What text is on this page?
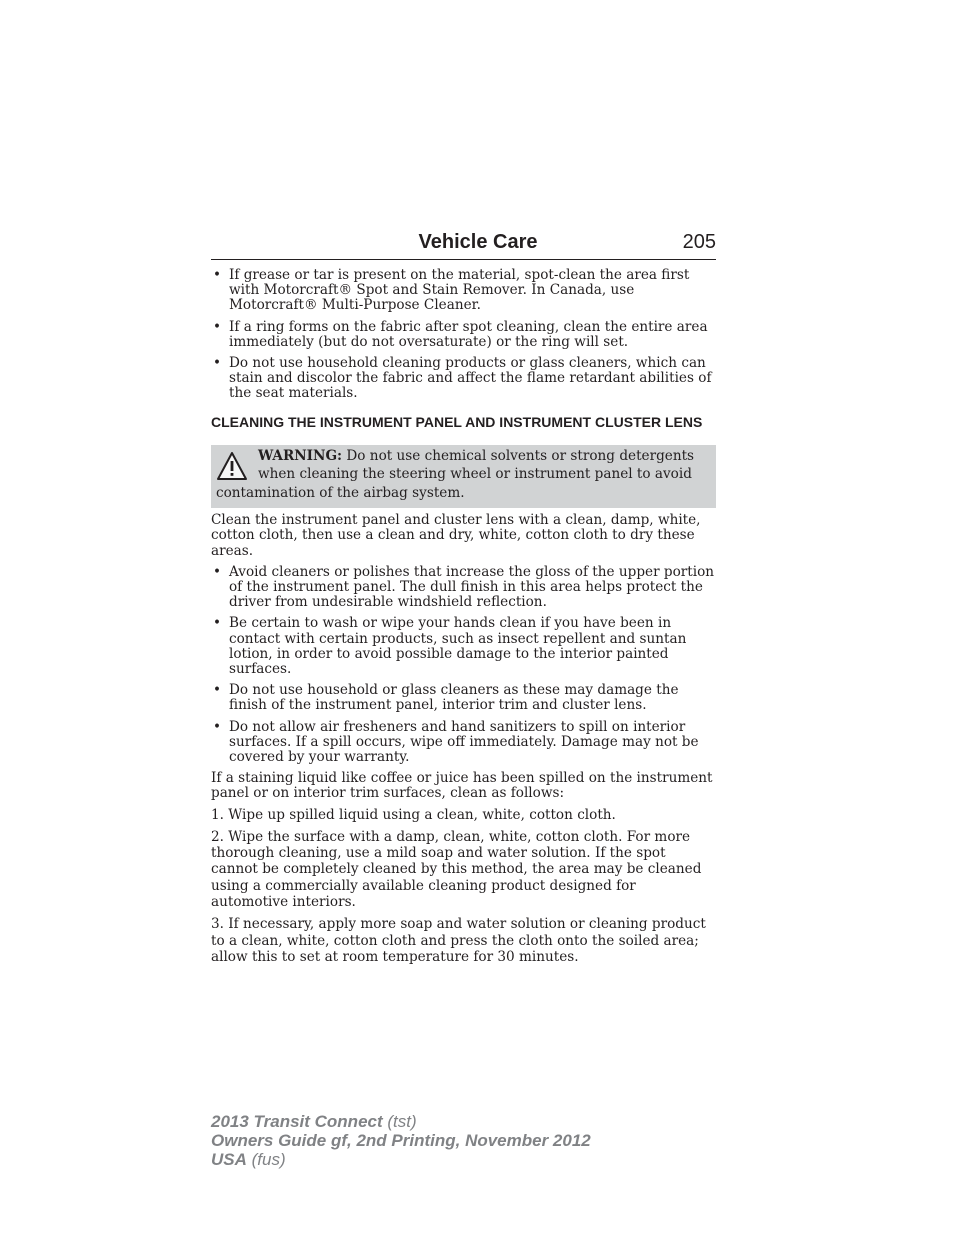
Vehicle Care	205
• If grease or tar is present on the material, spot-clean the area first with Motorcraft® Spot and Stain Remover. In Canada, use Motorcraft® Multi-Purpose Cleaner.
• If a ring forms on the fabric after spot cleaning, clean the entire area immediately (but do not oversaturate) or the ring will set.
• Do not use household cleaning products or glass cleaners, which can stain and discolor the fabric and affect the flame retardant abilities of the seat materials.
CLEANING THE INSTRUMENT PANEL AND INSTRUMENT CLUSTER LENS
WARNING: Do not use chemical solvents or strong detergents when cleaning the steering wheel or instrument panel to avoid contamination of the airbag system.

Clean the instrument panel and cluster lens with a clean, damp, white, cotton cloth, then use a clean and dry, white, cotton cloth to dry these areas.

• Avoid cleaners or polishes that increase the gloss of the upper portion of the instrument panel. The dull finish in this area helps protect the driver from undesirable windshield reflection.
• Be certain to wash or wipe your hands clean if you have been in contact with certain products, such as insect repellent and suntan lotion, in order to avoid possible damage to the interior painted surfaces.
• Do not use household or glass cleaners as these may damage the finish of the instrument panel, interior trim and cluster lens.
• Do not allow air fresheners and hand sanitizers to spill on interior surfaces. If a spill occurs, wipe off immediately. Damage may not be covered by your warranty.

If a staining liquid like coffee or juice has been spilled on the instrument panel or on interior trim surfaces, clean as follows:

1. Wipe up spilled liquid using a clean, white, cotton cloth.

2. Wipe the surface with a damp, clean, white, cotton cloth. For more thorough cleaning, use a mild soap and water solution. If the spot cannot be completely cleaned by this method, the area may be cleaned using a commercially available cleaning product designed for automotive interiors.

3. If necessary, apply more soap and water solution or cleaning product to a clean, white, cotton cloth and press the cloth onto the soiled area; allow this to set at room temperature for 30 minutes.

2013 Transit Connect (tst)
Owners Guide gf, 2nd Printing, November 2012
USA (fus)
